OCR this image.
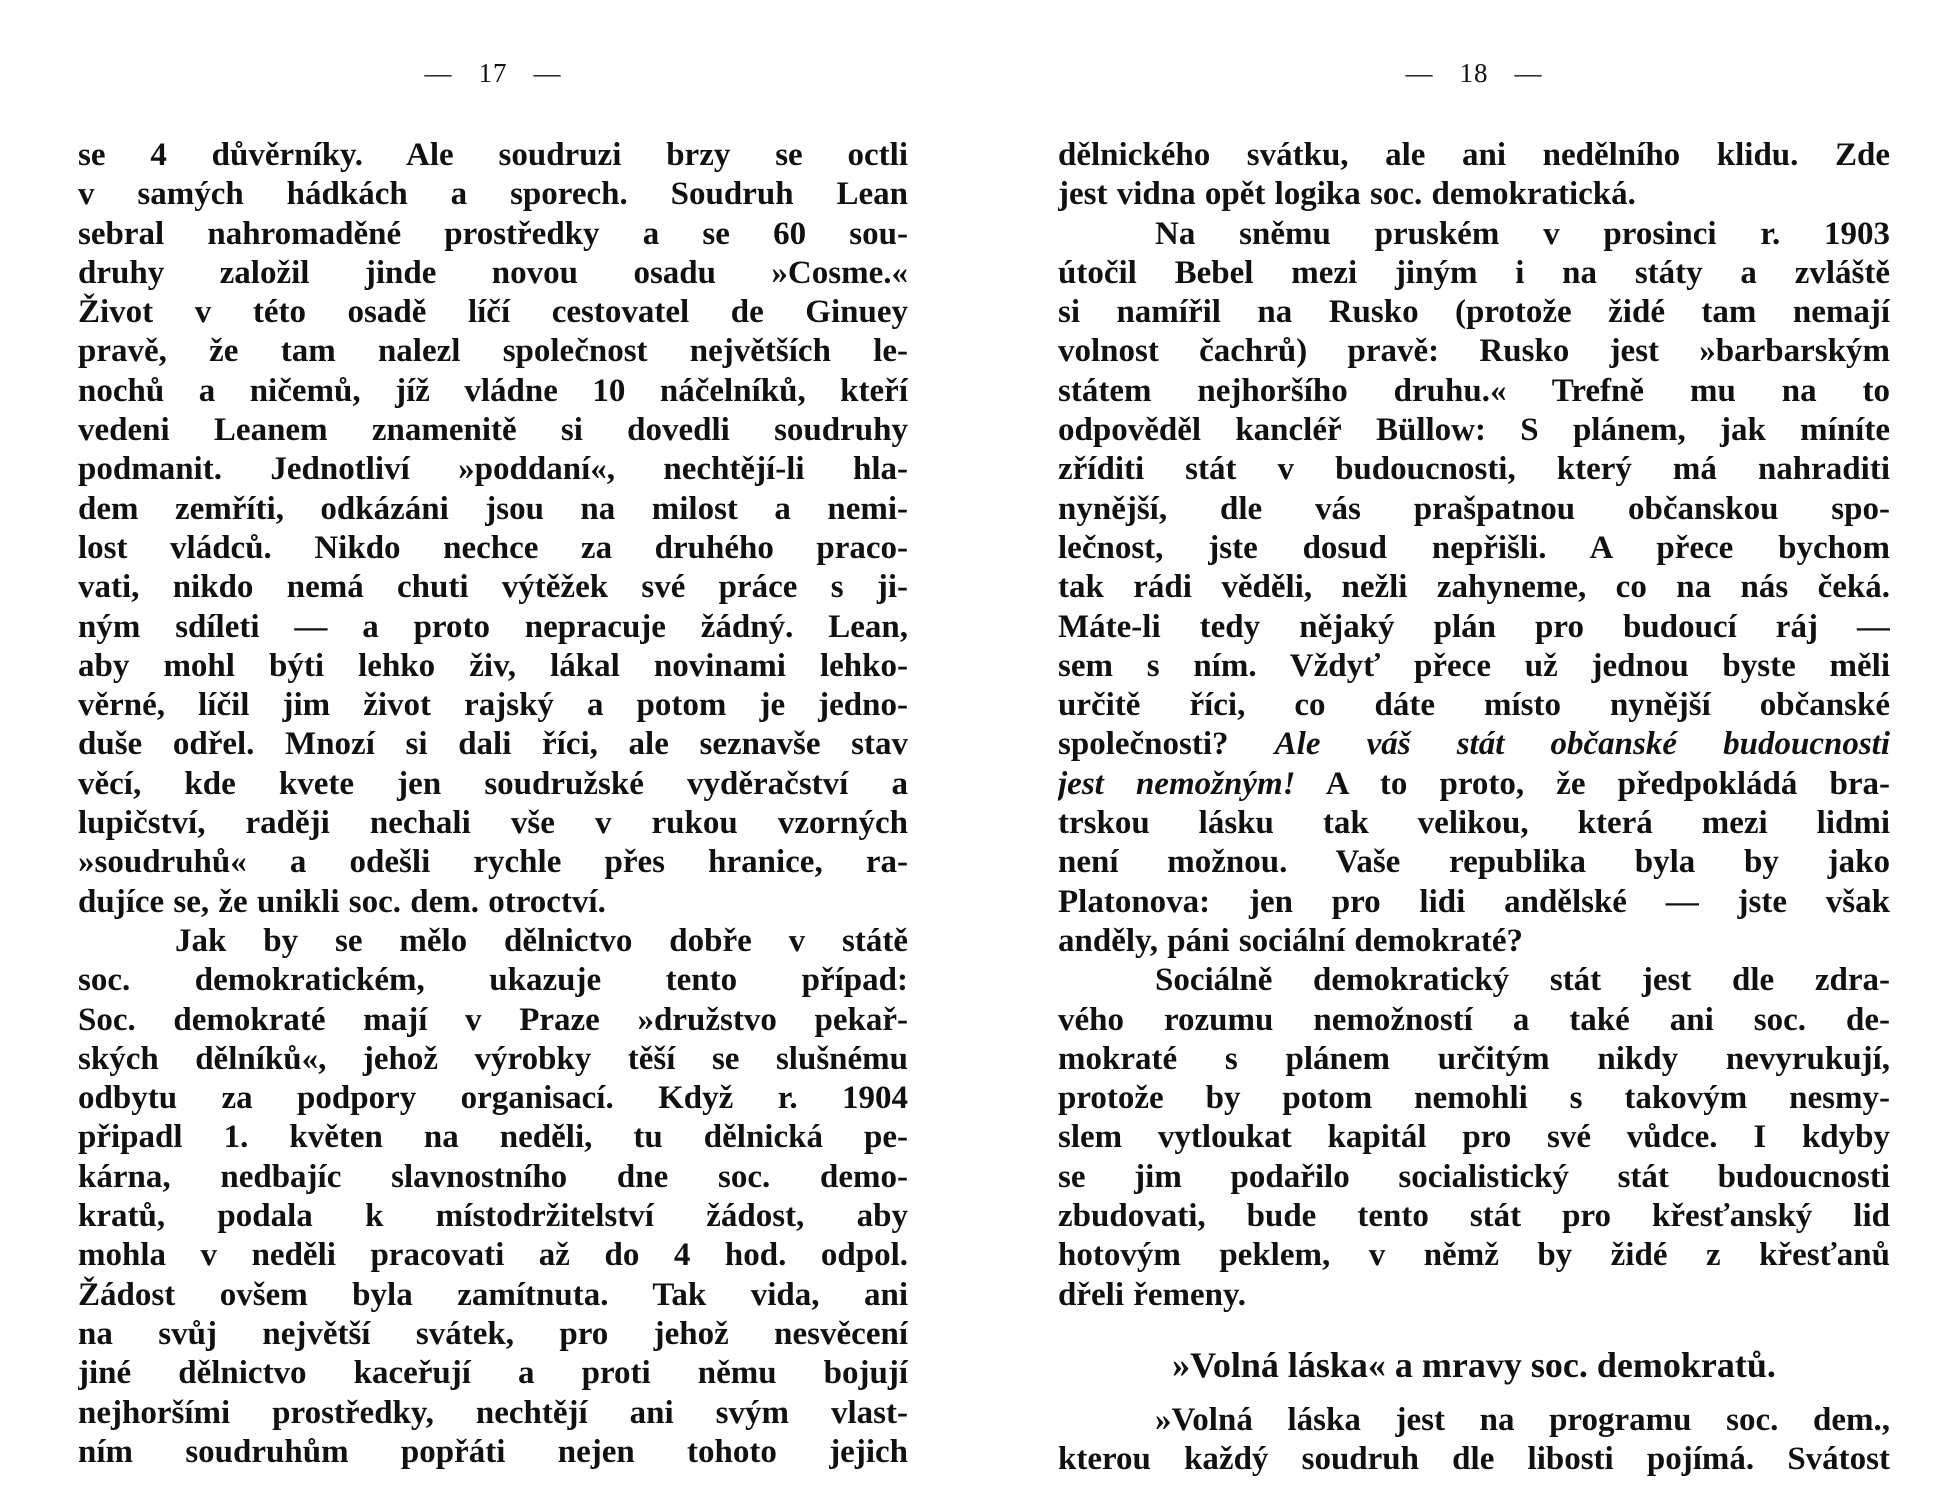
— 17 —
se 4 důvěrníky. Ale soudruzi brzy se octli
v samých hádkách a sporech. Soudruh Lean
sebral nahromaděné prostředky a se 60 sou-
druhy založil jinde novou osadu »Cosme.«
Život v této osadě líčí cestovatel de Ginuey
pravě, že tam nalezl společnost největších le-
nochů a ničemů, jíž vládne 10 náčelníků, kteří
vedeni Leanem znamenitě si dovedli soudruhy
podmanit. Jednotliví »poddaní«, nechtějí-li hla-
dem zemříti, odkázáni jsou na milost a nemi-
lost vládců. Nikdo nechce za druhého praco-
vati, nikdo nemá chuti výtěžek své práce s ji-
ným sdíleti — a proto nepracuje žádný. Lean,
aby mohl býti lehko živ, lákal novinami lehko-
věrné, líčil jim život rajský a potom je jedno-
duše odřel. Mnozí si dali říci, ale seznavše stav
věcí, kde kvete jen soudružské vyděračství a
lupičství, raději nechali vše v rukou vzorných
»soudruhů« a odešli rychle přes hranice, ra-
dujíce se, že unikli soc. dem. otroctví.
Jak by se mělo dělnictvo dobře v státě
soc. demokratickém, ukazuje tento případ:
Soc. demokraté mají v Praze »družstvo pekař-
ských dělníků«, jehož výrobky těší se slušnému
odbytu za podpory organisací. Když r. 1904
připadl 1. květen na neděli, tu dělnická pe-
kárna, nedbajíc slavnostního dne soc. demo-
kratů, podala k místodržitelství žádost, aby
mohla v neděli pracovati až do 4 hod. odpol.
Žádost ovšem byla zamítnuta. Tak vida, ani
na svůj největší svátek, pro jehož nesvěcení
jiné dělnictvo kaceřují a proti němu bojují
nejhoršími prostředky, nechtějí ani svým vlast-
ním soudruhům popřáti nejen tohoto jejich
— 18 —
dělnického svátku, ale ani nedělního klidu. Zde
jest vidna opět logika soc. demokratická.
Na sněmu pruském v prosinci r. 1903
útočil Bebel mezi jiným i na státy a zvláště
si namířil na Rusko (protože židé tam nemají
volnost čachrů) pravě: Rusko jest »barbarským
státem nejhoršího druhu.« Trefně mu na to
odpověděl kancléř Büllow: S plánem, jak míníte
zříditi stát v budoucnosti, který má nahraditi
nynější, dle vás prašpatnou občanskou spo-
lečnost, jste dosud nepřišli. A přece bychom
tak rádi věděli, nežli zahyneme, co na nás čeká.
Máte-li tedy nějaký plán pro budoucí ráj —
sem s ním. Vždyť přece už jednou byste měli
určitě říci, co dáte místo nynější občanské
společnosti? Ale váš stát občanské budoucnosti
jest nemožným! A to proto, že předpokládá bra-
trskou lásku tak velikou, která mezi lidmi
není možnou. Vaše republika byla by jako
Platonova: jen pro lidi andělské — jste však
anděly, páni sociální demokraté?
Sociálně demokratický stát jest dle zdra-
vého rozumu nemožností a také ani soc. de-
mokraté s plánem určitým nikdy nevyrukují,
protože by potom nemohli s takovým nesmy-
slem vytloukat kapitál pro své vůdce. I kdyby
se jim podařilo socialistický stát budoucnosti
zbudovati, bude tento stát pro křesťanský lid
hotovým peklem, v němž by židé z křesťanů
dřeli řemeny.
»Volná láska« a mravy soc. demokratů.
»Volná láska jest na programu soc. dem.,
kterou každý soudruh dle libosti pojímá. Svátost
